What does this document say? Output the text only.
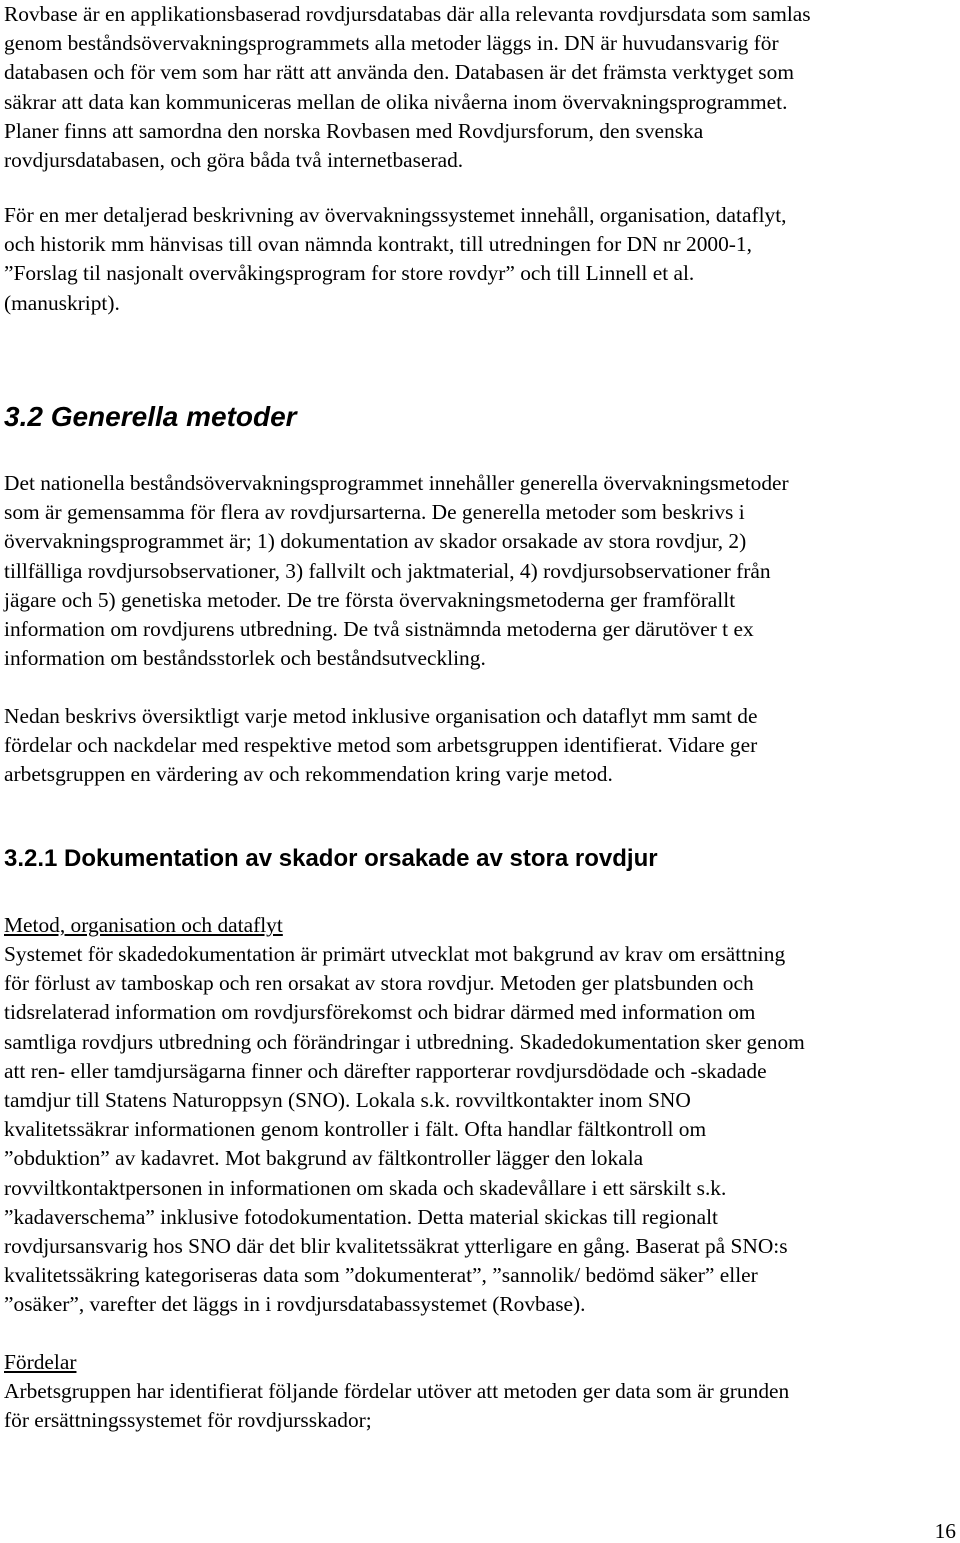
Rovbase är en applikationsbaserad rovdjursdatabas där alla relevanta rovdjursdata som samlas
genom beståndsövervakningsprogrammets alla metoder läggs in. DN är huvudansvarig för
databasen och för vem som har rätt att använda den. Databasen är det främsta verktyget som
säkrar att data kan kommuniceras mellan de olika nivåerna inom övervakningsprogrammet.
Planer finns att samordna den norska Rovbasen med Rovdjursforum, den svenska
rovdjursdatabasen, och göra båda två internetbaserad.

För en mer detaljerad beskrivning av övervakningssystemet innehåll, organisation, dataflyt,
och historik mm hänvisas till ovan nämnda kontrakt, till utredningen for DN nr 2000-1,
”Forslag til nasjonalt overvåkingsprogram for store rovdyr” och till Linnell et al.
(manuskript).

3.2 Generella metoder

Det nationella beståndsövervakningsprogrammet innehåller generella övervakningsmetoder
som är gemensamma för flera av rovdjursarterna. De generella metoder som beskrivs i
övervakningsprogrammet är; 1) dokumentation av skador orsakade av stora rovdjur, 2)
tillfälliga rovdjursobservationer, 3) fallvilt och jaktmaterial, 4) rovdjursobservationer från
jägare och 5) genetiska metoder. De tre första övervakningsmetoderna ger framförallt
information om rovdjurens utbredning. De två sistnämnda metoderna ger därutöver t ex
information om beståndsstorlek och beståndsutveckling.

Nedan beskrivs översiktligt varje metod inklusive organisation och dataflyt mm samt de
fördelar och nackdelar med respektive metod som arbetsgruppen identifierat. Vidare ger
arbetsgruppen en värdering av och rekommendation kring varje metod.

3.2.1 Dokumentation av skador orsakade av stora rovdjur
Metod, organisation och dataflyt

Systemet för skadedokumentation är primärt utvecklat mot bakgrund av krav om ersättning
för förlust av tamboskap och ren orsakat av stora rovdjur. Metoden ger platsbunden och
tidsrelaterad information om rovdjursförekomst och bidrar därmed med information om
samtliga rovdjurs utbredning och förändringar i utbredning. Skadedokumentation sker genom
att ren- eller tamdjursägarna finner och därefter rapporterar rovdjursdödade och -skadade
tamdjur till Statens Naturoppsyn (SNO). Lokala s.k. rovviltkontakter inom SNO
kvalitetssäkrar informationen genom kontroller i fält. Ofta handlar fältkontroll om
”obduktion” av kadavret. Mot bakgrund av fältkontroller lägger den lokala
rovviltkontaktpersonen in informationen om skada och skadevållare i ett särskilt s.k.
”kadaverschema” inklusive fotodokumentation. Detta material skickas till regionalt
rovdjursansvarig hos SNO där det blir kvalitetssäkrat ytterligare en gång. Baserat på SNO:s
kvalitetssäkring kategoriseras data som ”dokumenterat”, ”sannolik/ bedömd säker” eller
”osäker”, varefter det läggs in i rovdjursdatabassystemet (Rovbase).

Fördelar

Arbetsgruppen har identifierat följande fördelar utöver att metoden ger data som är grunden
för ersättningssystemet för rovdjursskador;

16
